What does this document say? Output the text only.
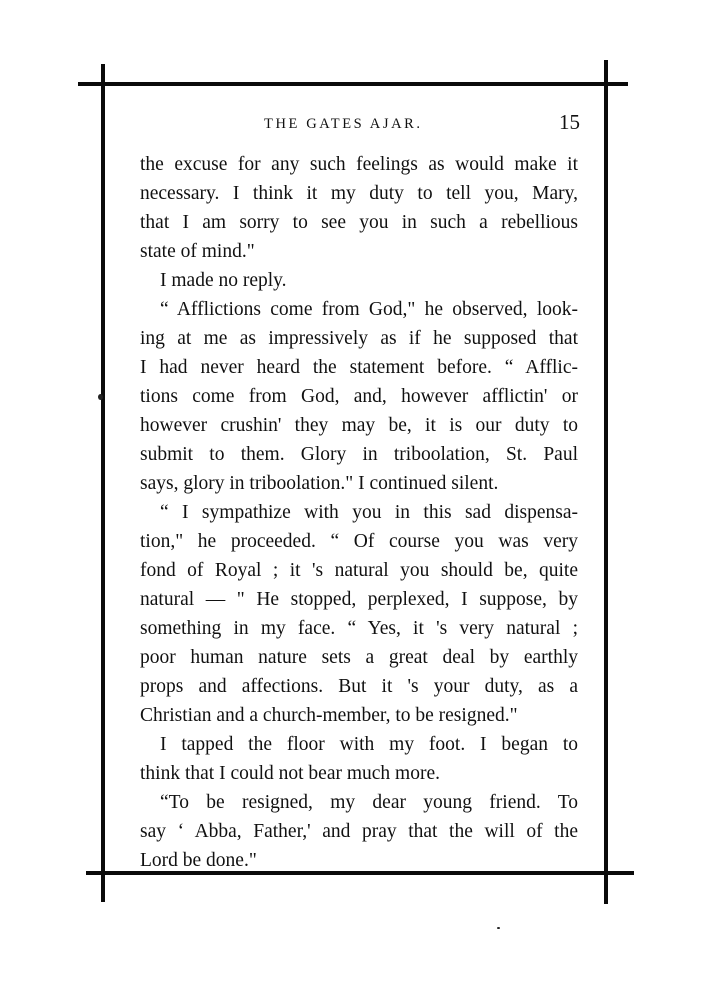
THE GATES AJAR.	15
the excuse for any such feelings as would make it
necessary. I think it my duty to tell you, Mary,
that I am sorry to see you in such a rebellious
state of mind."
I made no reply.
“ Afflictions come from God," he observed, look-
ing at me as impressively as if he supposed that
I had never heard the statement before. “ Afflic-
tions come from God, and, however afflictin' or
however crushin' they may be, it is our duty to
submit to them. Glory in triboolation, St. Paul
says, glory in triboolation." I continued silent.
“ I sympathize with you in this sad dispensa-
tion," he proceeded. “ Of course you was very
fond of Royal ; it 's natural you should be, quite
natural — " He stopped, perplexed, I suppose, by
something in my face. “ Yes, it 's very natural ;
poor human nature sets a great deal by earthly
props and affections. But it 's your duty, as a
Christian and a church-member, to be resigned."
I tapped the floor with my foot. I began to
think that I could not bear much more.
“To be resigned, my dear young friend. To
say ‘ Abba, Father,' and pray that the will of the
Lord be done."
